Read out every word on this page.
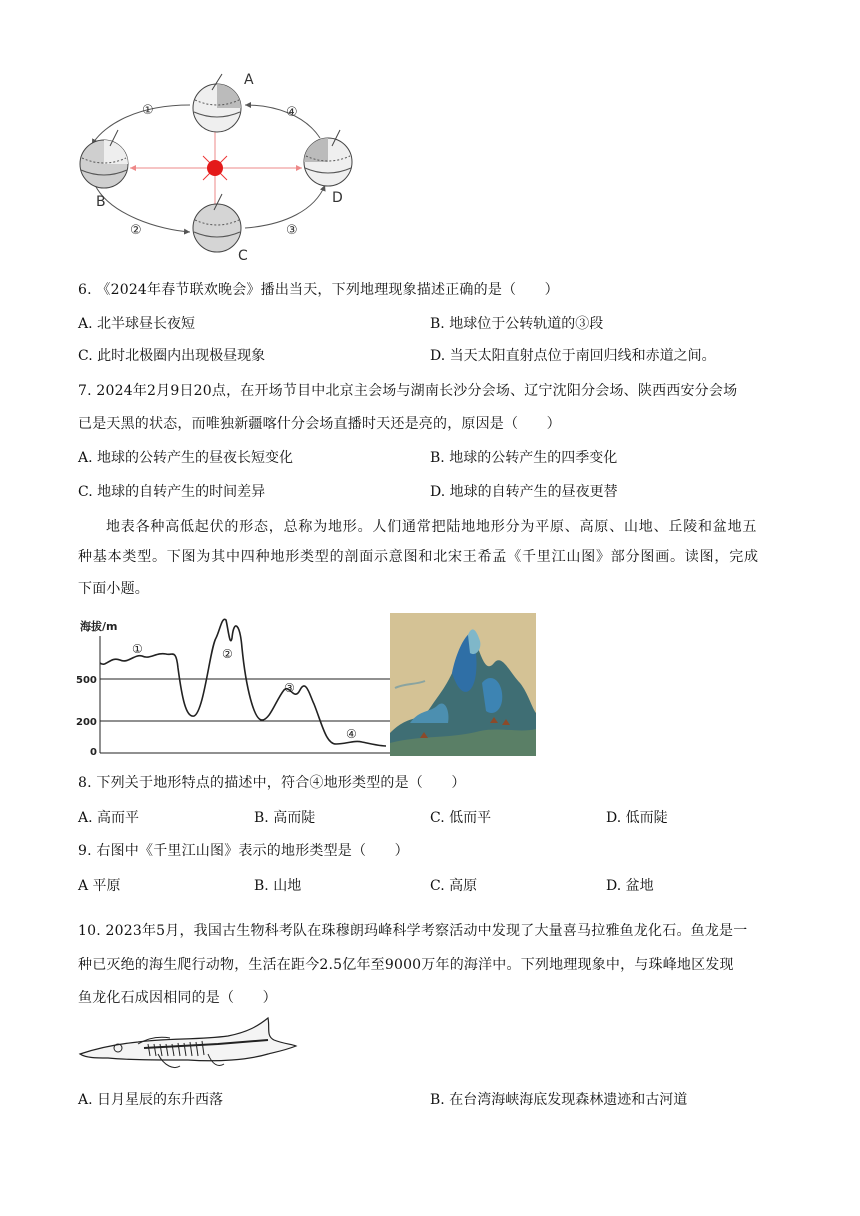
A
B
C
D
①
②	③
④
6. 《2024年春节联欢晚会》播出当天，下列地理现象描述正确的是（　　）
A. 北半球昼长夜短	B. 地球位于公转轨道的③段
C. 此时北极圈内出现极昼现象	D. 当天太阳直射点位于南回归线和赤道之间。
7. 2024年2月9日20点，在开场节目中北京主会场与湖南长沙分会场、辽宁沈阳分会场、陕西西安分会场
已是天黑的状态，而唯独新疆喀什分会场直播时天还是亮的，原因是（　　）
A. 地球的公转产生的昼夜长短变化	B. 地球的公转产生的四季变化
C. 地球的自转产生的时间差异	D. 地球的自转产生的昼夜更替
地表各种高低起伏的形态，总称为地形。人们通常把陆地地形分为平原、高原、山地、丘陵和盆地五
种基本类型。下图为其中四种地形类型的剖面示意图和北宋王希孟《千里江山图》部分图画。读图，完成
下面小题。
海拔/m
500
200
0
①	②
③
④
8. 下列关于地形特点的描述中，符合④地形类型的是（　　）
A. 高而平	B. 高而陡	C. 低而平	D. 低而陡
9. 右图中《千里江山图》表示的地形类型是（　　）
A 平原	B. 山地	C. 高原	D. 盆地
10. 2023年5月，我国古生物科考队在珠穆朗玛峰科学考察活动中发现了大量喜马拉雅鱼龙化石。鱼龙是一
种已灭绝的海生爬行动物，生活在距今2.5亿年至9000万年的海洋中。下列地理现象中，与珠峰地区发现
鱼龙化石成因相同的是（　　）
A. 日月星辰的东升西落	B. 在台湾海峡海底发现森林遗迹和古河道
